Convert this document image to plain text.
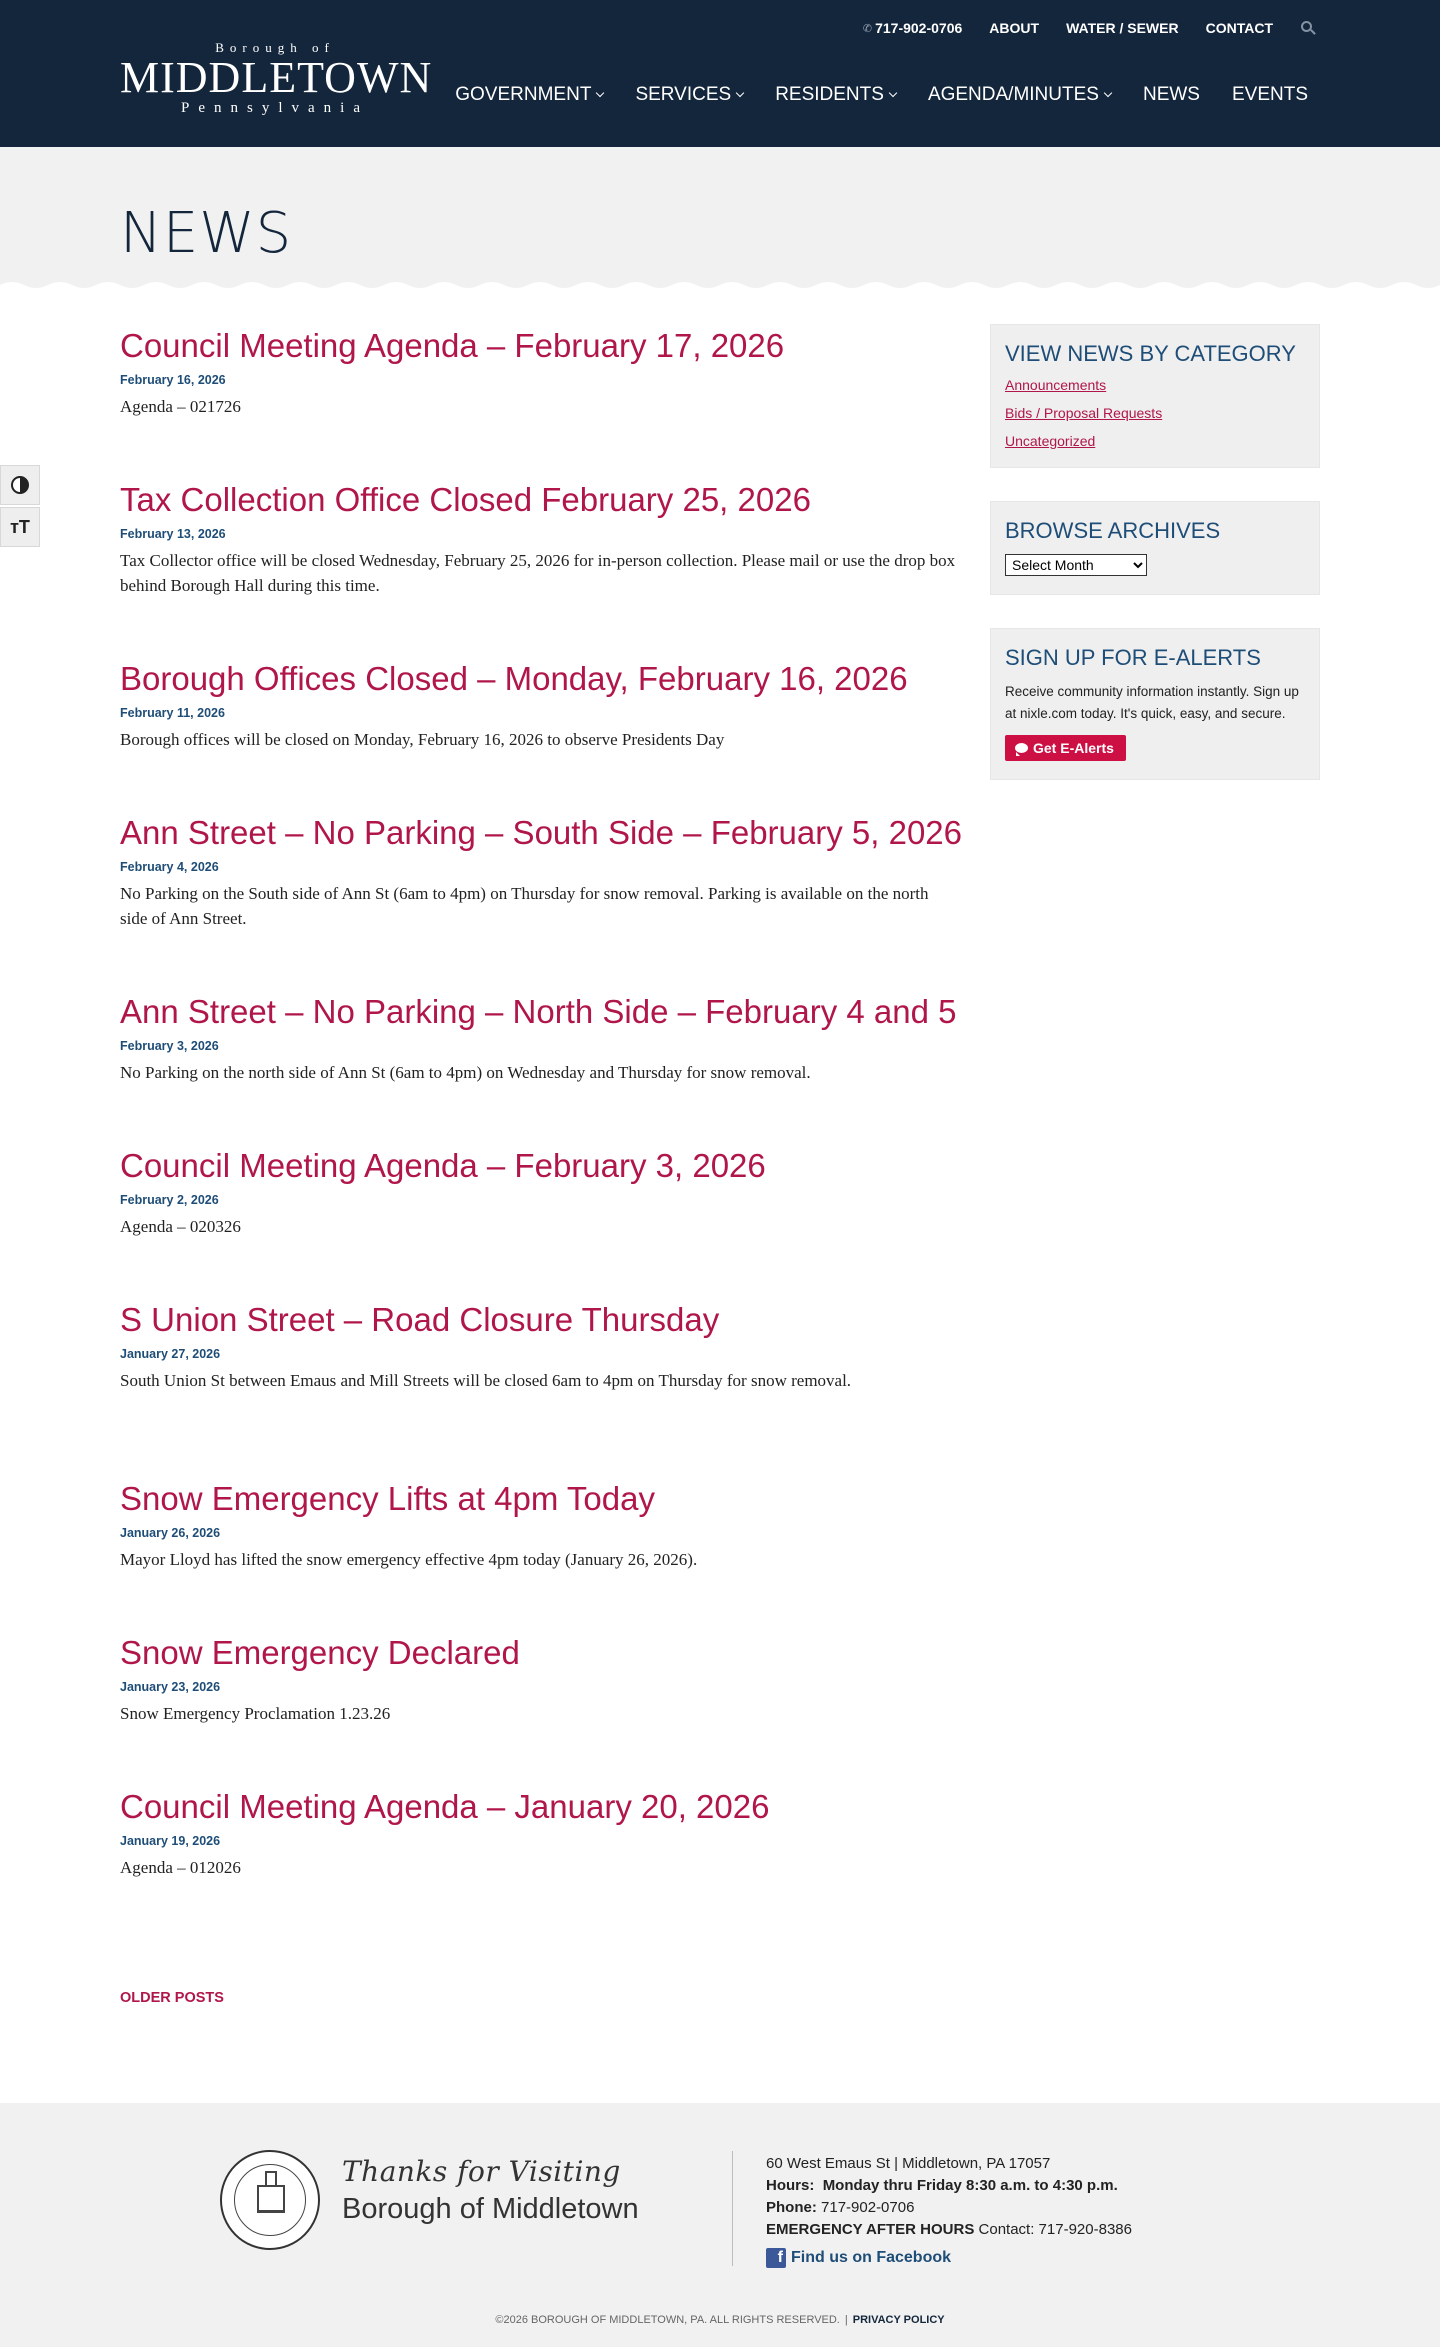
Borough of
MIDDLETOWN
Pennsylvania
✆ 717-902-0706 ABOUT WATER / SEWER CONTACT
GOVERNMENT SERVICES RESIDENTS AGENDA/MINUTES NEWS EVENTS
NEWS
ᴛT
Council Meeting Agenda – February 17, 2026
February 16, 2026

Agenda – 021726

Tax Collection Office Closed February 25, 2026
February 13, 2026

Tax Collector office will be closed Wednesday, February 25, 2026 for in-person collection. Please mail or use the drop box behind Borough Hall during this time.

Borough Offices Closed – Monday, February 16, 2026
February 11, 2026

Borough offices will be closed on Monday, February 16, 2026 to observe Presidents Day

Ann Street – No Parking – South Side – February 5, 2026
February 4, 2026

No Parking on the South side of Ann St (6am to 4pm) on Thursday for snow removal. Parking is available on the north side of Ann Street.

Ann Street – No Parking – North Side – February 4 and 5
February 3, 2026

No Parking on the north side of Ann St (6am to 4pm) on Wednesday and Thursday for snow removal.

Council Meeting Agenda – February 3, 2026
February 2, 2026

Agenda – 020326

S Union Street – Road Closure Thursday
January 27, 2026

South Union St between Emaus and Mill Streets will be closed 6am to 4pm on Thursday for snow removal.

Snow Emergency Lifts at 4pm Today
January 26, 2026

Mayor Lloyd has lifted the snow emergency effective 4pm today (January 26, 2026).

Snow Emergency Declared
January 23, 2026

Snow Emergency Proclamation 1.23.26

Council Meeting Agenda – January 20, 2026
January 19, 2026

Agenda – 012026

OLDER POSTS
VIEW NEWS BY CATEGORY
Announcements
Bids / Proposal Requests
Uncategorized
BROWSE ARCHIVES
Select Month
SIGN UP FOR E-ALERTS

Receive community information instantly. Sign up at nixle.com today. It's quick, easy, and secure.

Get E-Alerts
Thanks for Visiting
Borough of Middletown
60 West Emaus St | Middletown, PA 17057
Hours: Monday thru Friday 8:30 a.m. to 4:30 p.m.
Phone: 717-902-0706
EMERGENCY AFTER HOURS Contact: 717-920-8386
f Find us on Facebook
©2026 BOROUGH OF MIDDLETOWN, PA. ALL RIGHTS RESERVED. | PRIVACY POLICY
